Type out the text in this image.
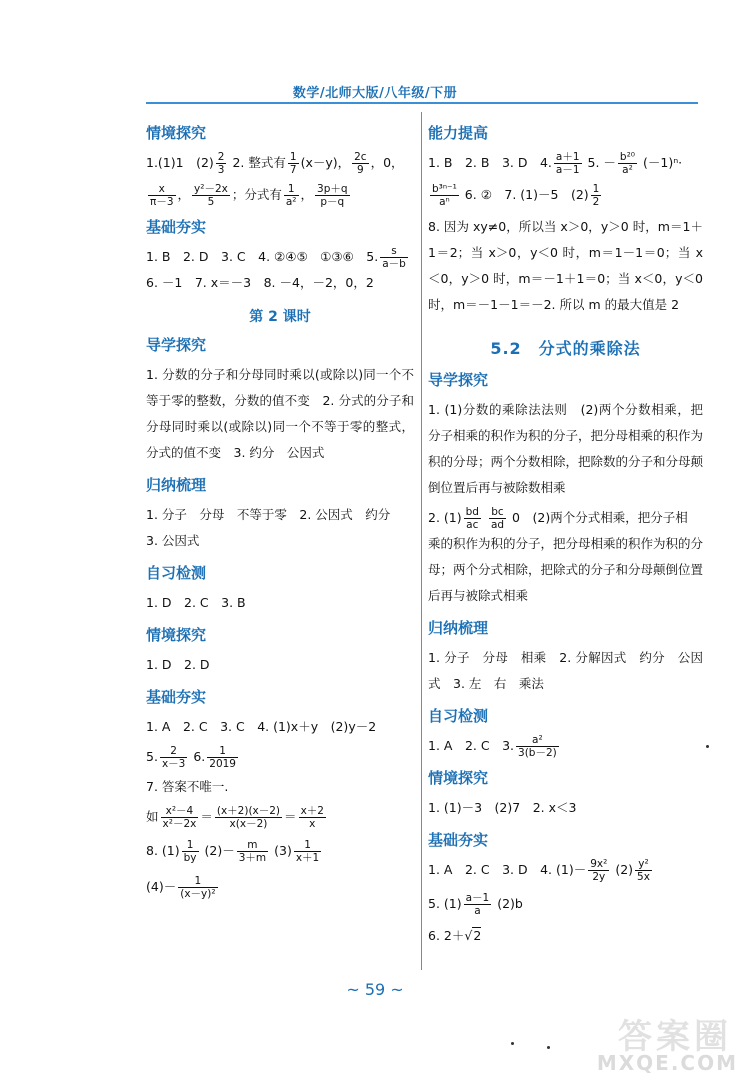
数学/北师大版/八年级/下册
情境探究
1.(1)1　$(2) \frac{2}{3} 2$. 整式有 $\frac{1}{7} (x-y)$， $\frac{2c}{9}$ ，0，
$\frac{x}{\pi-3}$ ， $\frac{\text{y²－2x}}{5}$ ；分式有 $\frac{1}{\text{a²}}$ ， $\frac{3p+q}{p-q}$
基础夯实
1. B　2. D　3. C　4. ②④⑤　①③⑥　5. $\frac{s}{a-b}$
6. －1　7. x＝－3　8. －4，－2，0，2
第 2 课时
导学探究
1. 分数的分子和分母同时乘以(或除以)同一个不等于零的整数，分数的值不变　2. 分式的分子和分母同时乘以(或除以)同一个不等于零的整式，分式的值不变　3. 约分　公因式
归纳梳理
1. 分子　分母　不等于零　2. 公因式　约分
3. 公因式
自习检测
1. D　2. C　3. B
情境探究
1. D　2. D
基础夯实
1. A　2. C　3. C　4. (1)x＋y　(2)y－2
5. $\frac{2}{x-3} 6$. $\frac{1}{2019}$
7. 答案不唯一.
如 $\frac{\text{x²－4}}{\text{x²－2x}} = \frac{(x+2)(x-2)}{x(x-2)} = \frac{x+2}{x}$
8. $(1) \frac{1}{by} (2)- \frac{m}{3+m} (3) \frac{1}{x+1}$
$(4)- \frac{1}{\text{(x－y)²}}$
能力提高
1. B　2. B　3. D　4. $\frac{a+1}{a-1} 5$. － $\frac{\text{b²⁰}}{\text{a²}} (-1)^n\cdot$
$\frac{\text{b³ⁿ⁻¹}}{\text{aⁿ}} 6$. ②　7. (1)－5　$(2) \frac{1}{2}$
8. 因为 xy≠0，所以当 x＞0，y＞0 时，m＝1＋1＝2；当 x＞0，y＜0 时，m＝1－1＝0；当 x＜0，y＞0 时，m＝－1＋1＝0；当 x＜0，y＜0 时，m＝－1－1＝－2. 所以 m 的最大值是 2
5.2　分式的乘除法
导学探究
1. (1)分数的乘除法法则　(2)两个分数相乘，把分子相乘的积作为积的分子，把分母相乘的积作为积的分母；两个分数相除，把除数的分子和分母颠倒位置后再与被除数相乘
2. $(1) \frac{bd}{ac}$
$\frac{bc}{ad} 0$　(2)两个分式相乘，把分子相
乘的积作为积的分子，把分母相乘的积作为积的分母；两个分式相除，把除式的分子和分母颠倒位置后再与被除式相乘
归纳梳理
1. 分子　分母　相乘　2. 分解因式　约分　公因式　3. 左　右　乘法
自习检测
1. A　2. C　3. $\frac{\text{a²}}{3(b-2)}$
情境探究
1. (1)－3　(2)7　2. x＜3
基础夯实
1. A　2. C　3. D　4. $(1)- \frac{\text{9x²}}{2y} (2) \frac{\text{y²}}{5x}$
5. $(1) \frac{a-1}{a} (2)b$
6. 2＋√2
~ 59 ~
答案圈
MXQE.COM
